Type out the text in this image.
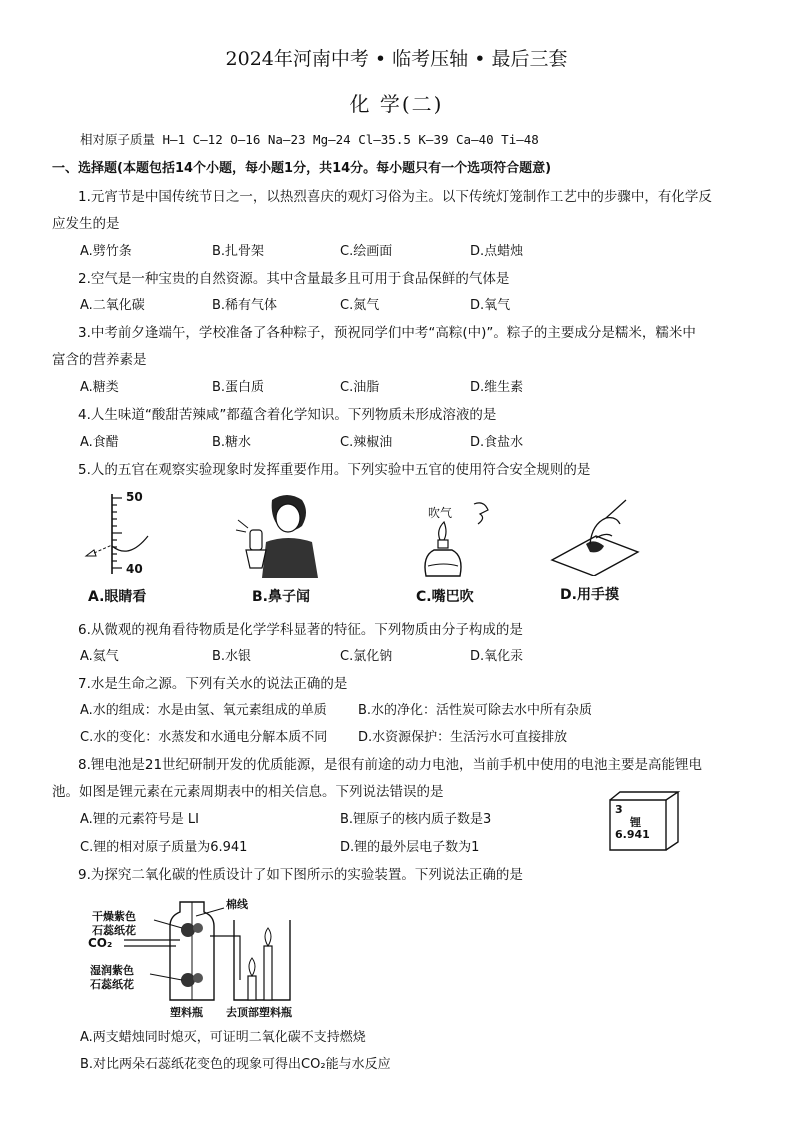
2024年河南中考 • 临考压轴 • 最后三套
化 学(二)
相对原子质量 H—1 C—12 O—16 Na—23 Mg—24 Cl—35.5 K—39 Ca—40 Ti—48
一、选择题(本题包括14个小题，每小题1分，共14分。每小题只有一个选项符合题意)
1.元宵节是中国传统节日之一，以热烈喜庆的观灯习俗为主。以下传统灯笼制作工艺中的步骤中，有化学反
应发生的是
A.劈竹条	B.扎骨架	C.绘画面	D.点蜡烛
2.空气是一种宝贵的自然资源。其中含量最多且可用于食品保鲜的气体是
A.二氧化碳	B.稀有气体	C.氮气	D.氧气
3.中考前夕逢端午，学校准备了各种粽子，预祝同学们中考“高粽(中)”。粽子的主要成分是糯米，糯米中
富含的营养素是
A.糖类	B.蛋白质	C.油脂	D.维生素
4.人生味道“酸甜苦辣咸”都蕴含着化学知识。下列物质未形成溶液的是
A.食醋	B.糖水	C.辣椒油	D.食盐水
5.人的五官在观察实验现象时发挥重要作用。下列实验中五官的使用符合安全规则的是
50
40
A.眼睛看	B.鼻子闻
吹气
C.嘴巴吹	D.用手摸
6.从微观的视角看待物质是化学学科显著的特征。下列物质由分子构成的是
A.氦气	B.水银	C.氯化钠	D.氧化汞
7.水是生命之源。下列有关水的说法正确的是
A.水的组成：水是由氢、氧元素组成的单质 B.水的净化：活性炭可除去水中所有杂质
C.水的变化：水蒸发和水通电分解本质不同 D.水资源保护：生活污水可直接排放
8.锂电池是21世纪研制开发的优质能源，是很有前途的动力电池，当前手机中使用的电池主要是高能锂电
池。如图是锂元素在元素周期表中的相关信息。下列说法错误的是
A.锂的元素符号是 LI	B.锂原子的核内质子数是3
C.锂的相对原子质量为6.941	D.锂的最外层电子数为1
3
锂
6.941
9.为探究二氧化碳的性质设计了如下图所示的实验装置。下列说法正确的是
干燥紫色
石蕊纸花
CO₂
湿润紫色
石蕊纸花
棉线
塑料瓶 去顶部塑料瓶
A.两支蜡烛同时熄灭，可证明二氧化碳不支持燃烧
B.对比两朵石蕊纸花变色的现象可得出CO₂能与水反应
